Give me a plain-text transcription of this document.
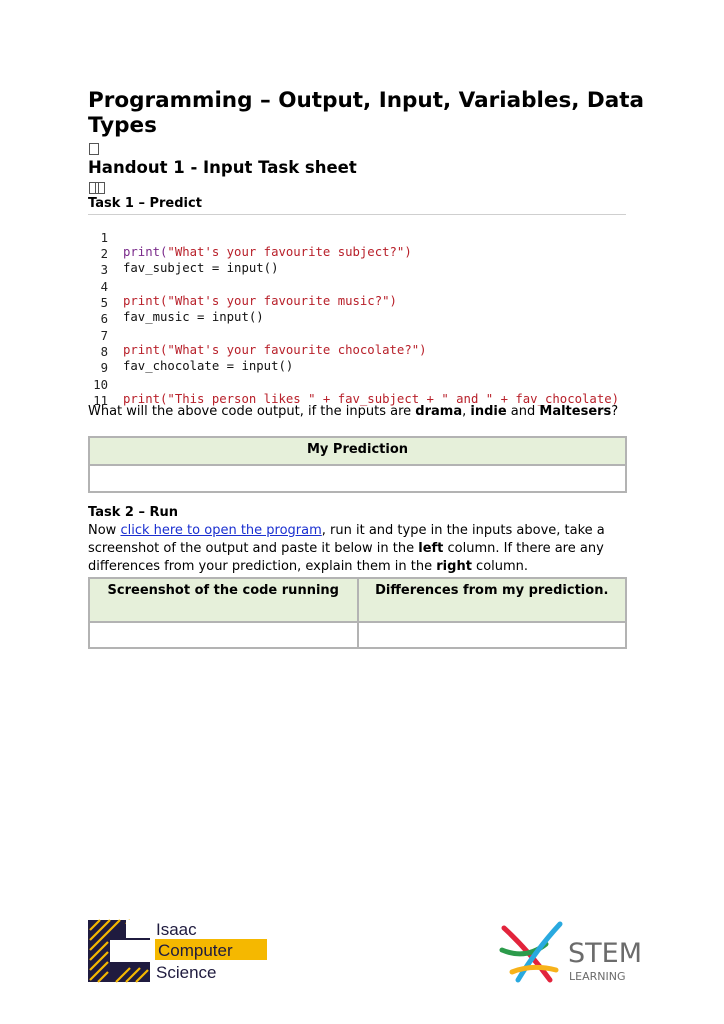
Programming – Output, Input, Variables, Data Types
Handout 1 - Input Task sheet
Task 1 – Predict

1

print("What's your favourite subject?")

2

fav_subject = input()

3

4

print("What's your favourite music?")

5

fav_music = input()

6

7

print("What's your favourite chocolate?")

8

fav_chocolate = input()

9

10

print("This person likes " + fav_subject + " and " + fav_chocolate)

11

What will the above code output, if the inputs are drama, indie and Maltesers?

My Prediction

Task 2 – Run

Now click here to open the program, run it and type in the inputs above, take a screenshot of the output and paste it below in the left column. If there are any differences from your prediction, explain them in the right column.

Screenshot of the code running	Differences from my prediction.

Isaac
Computer
Science
STEM
LEARNING
